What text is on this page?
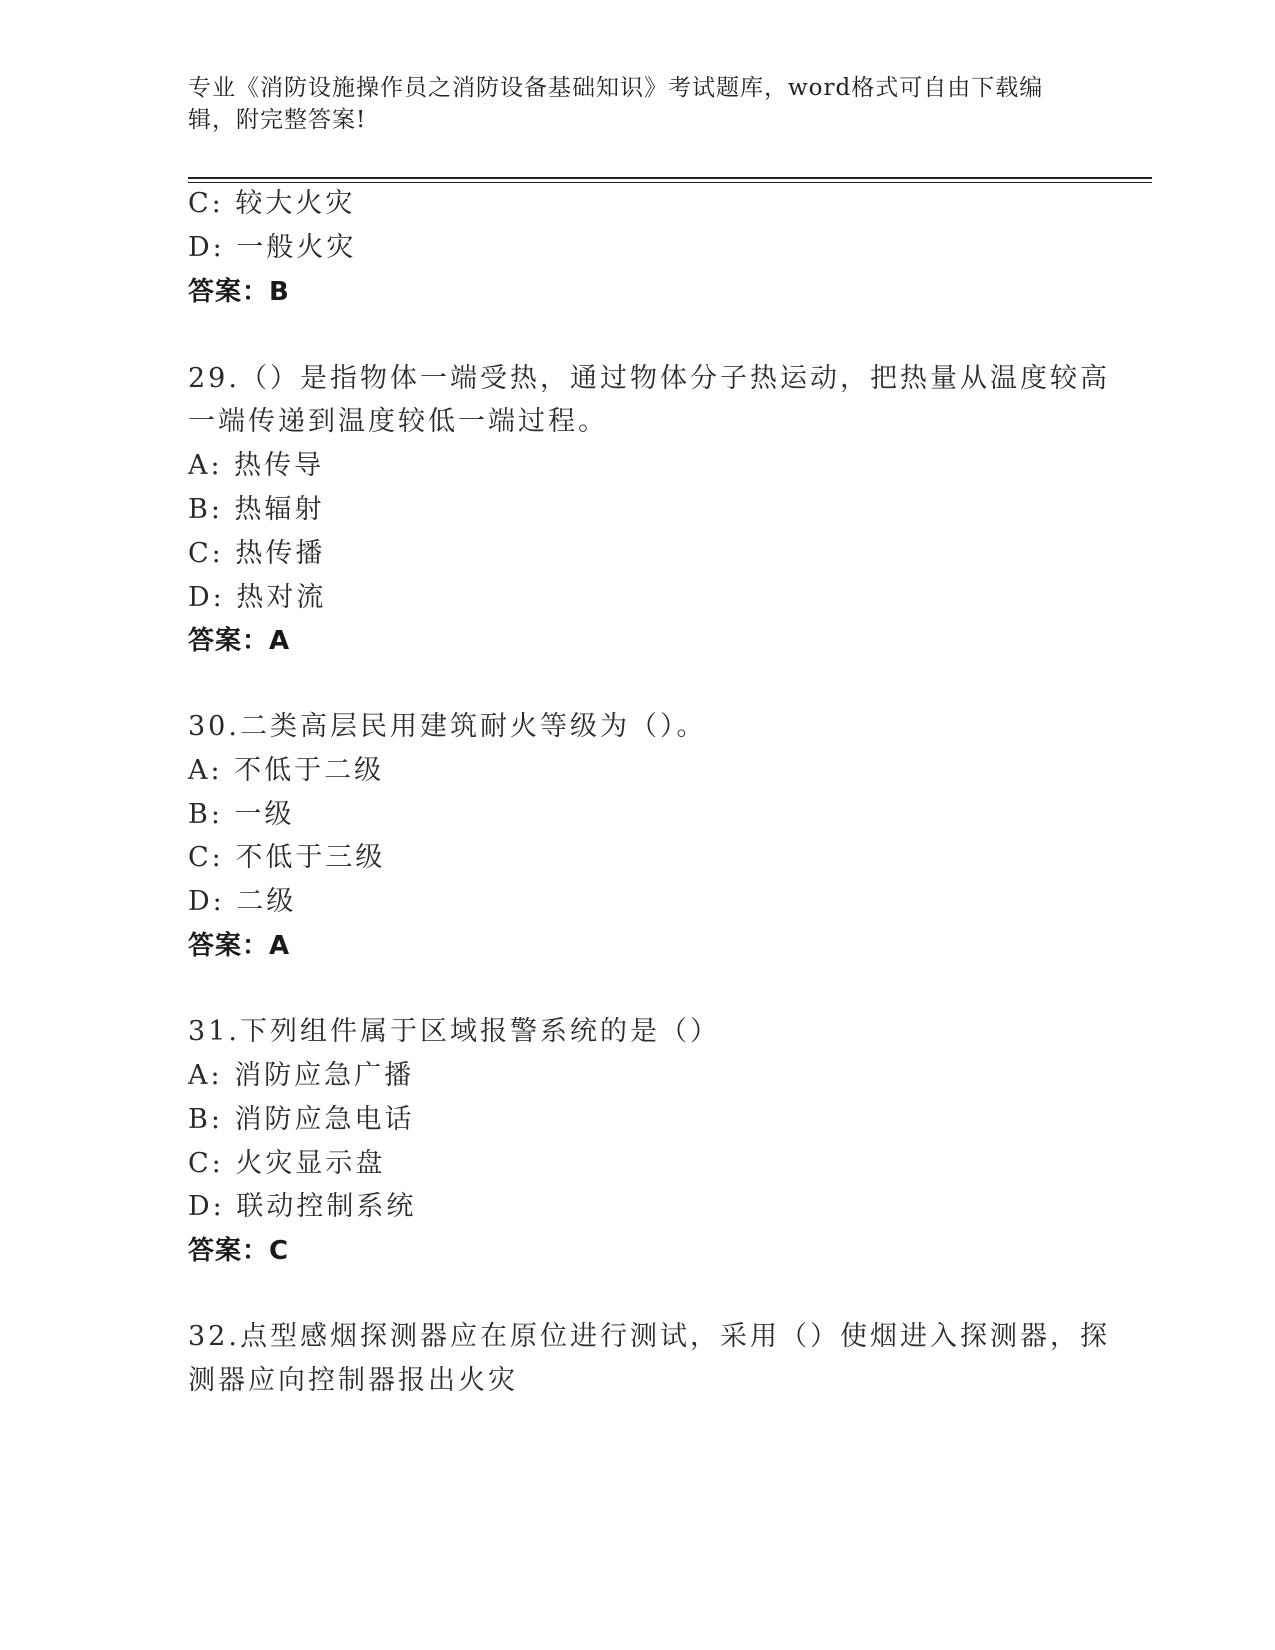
专业《消防设施操作员之消防设备基础知识》考试题库，word格式可自由下载编
辑，附完整答案!
C: 较大火灾
D: 一般火灾
答案：B
29.（）是指物体一端受热，通过物体分子热运动，把热量从温度较高
一端传递到温度较低一端过程。
A: 热传导
B: 热辐射
C: 热传播
D: 热对流
答案：A
30.二类高层民用建筑耐火等级为（）。
A: 不低于二级
B: 一级
C: 不低于三级
D: 二级
答案：A
31.下列组件属于区域报警系统的是（）
A: 消防应急广播
B: 消防应急电话
C: 火灾显示盘
D: 联动控制系统
答案：C
32.点型感烟探测器应在原位进行测试，采用（）使烟进入探测器，探
测器应向控制器报出火灾
